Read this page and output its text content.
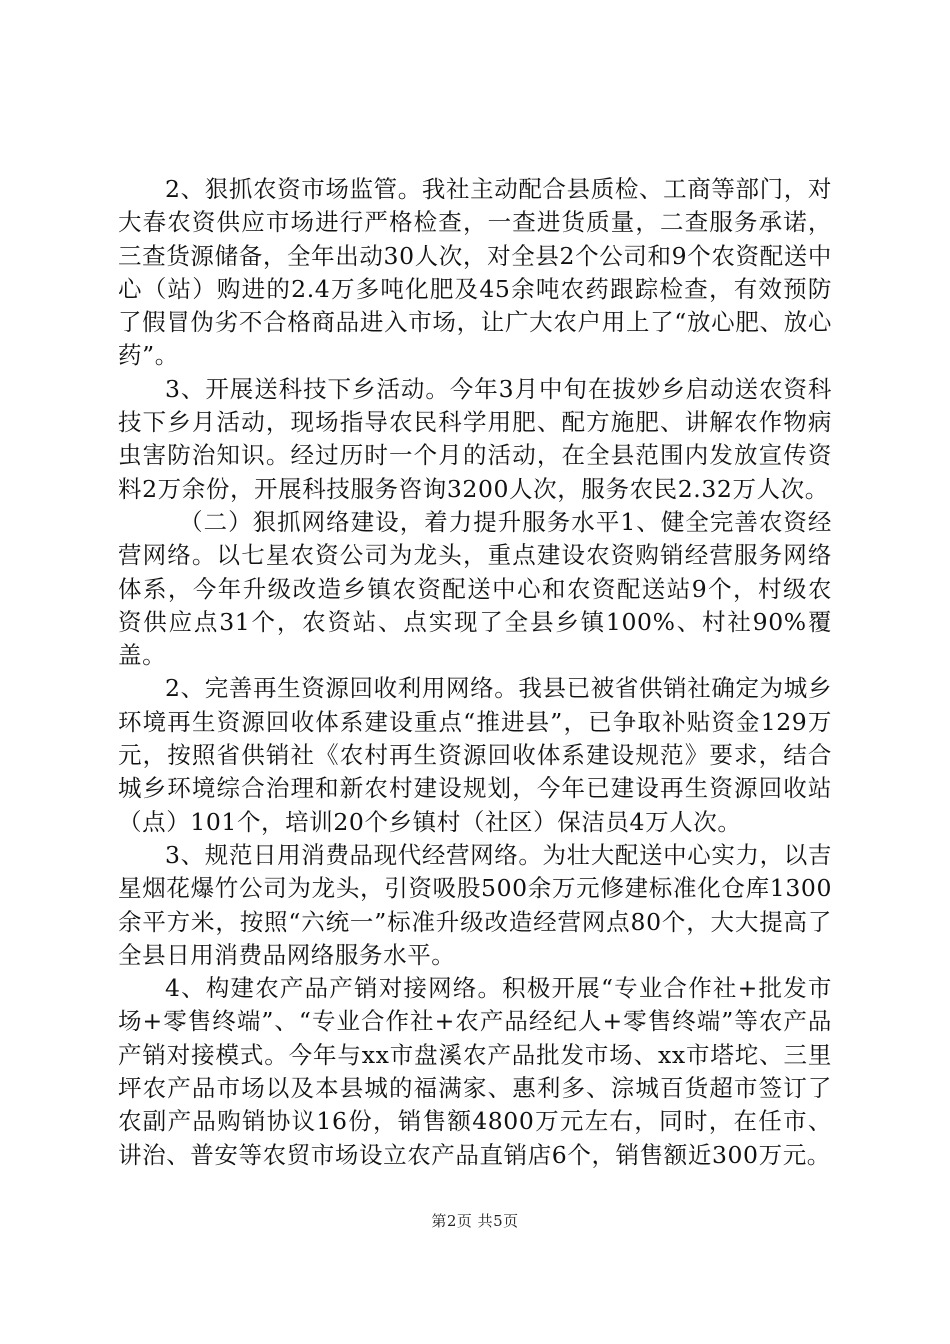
2、狠抓农资市场监管。我社主动配合县质检、工商等部门，对大春农资供应市场进行严格检查，一查进货质量，二查服务承诺，三查货源储备，全年出动30人次，对全县2个公司和9个农资配送中心（站）购进的2.4万多吨化肥及45余吨农药跟踪检查，有效预防了假冒伪劣不合格商品进入市场，让广大农户用上了“放心肥、放心药”。

3、开展送科技下乡活动。今年3月中旬在拔妙乡启动送农资科技下乡月活动，现场指导农民科学用肥、配方施肥、讲解农作物病虫害防治知识。经过历时一个月的活动，在全县范围内发放宣传资料2万余份，开展科技服务咨询3200人次，服务农民2.32万人次。

（二）狠抓网络建设，着力提升服务水平1、健全完善农资经营网络。以七星农资公司为龙头，重点建设农资购销经营服务网络体系，今年升级改造乡镇农资配送中心和农资配送站9个，村级农资供应点31个，农资站、点实现了全县乡镇100%、村社90%覆盖。

2、完善再生资源回收利用网络。我县已被省供销社确定为城乡环境再生资源回收体系建设重点“推进县”，已争取补贴资金129万元，按照省供销社《农村再生资源回收体系建设规范》要求，结合城乡环境综合治理和新农村建设规划，今年已建设再生资源回收站（点）101个，培训20个乡镇村（社区）保洁员4万人次。

3、规范日用消费品现代经营网络。为壮大配送中心实力，以吉星烟花爆竹公司为龙头，引资吸股500余万元修建标准化仓库1300余平方米，按照“六统一”标准升级改造经营网点80个，大大提高了全县日用消费品网络服务水平。

4、构建农产品产销对接网络。积极开展“专业合作社+批发市场+零售终端”、“专业合作社+农产品经纪人+零售终端”等农产品产销对接模式。今年与xx市盘溪农产品批发市场、xx市塔坨、三里坪农产品市场以及本县城的福满家、惠利多、淙城百货超市签订了农副产品购销协议16份，销售额4800万元左右，同时，在任市、讲治、普安等农贸市场设立农产品直销店6个，销售额近300万元。

第2页 共5页
